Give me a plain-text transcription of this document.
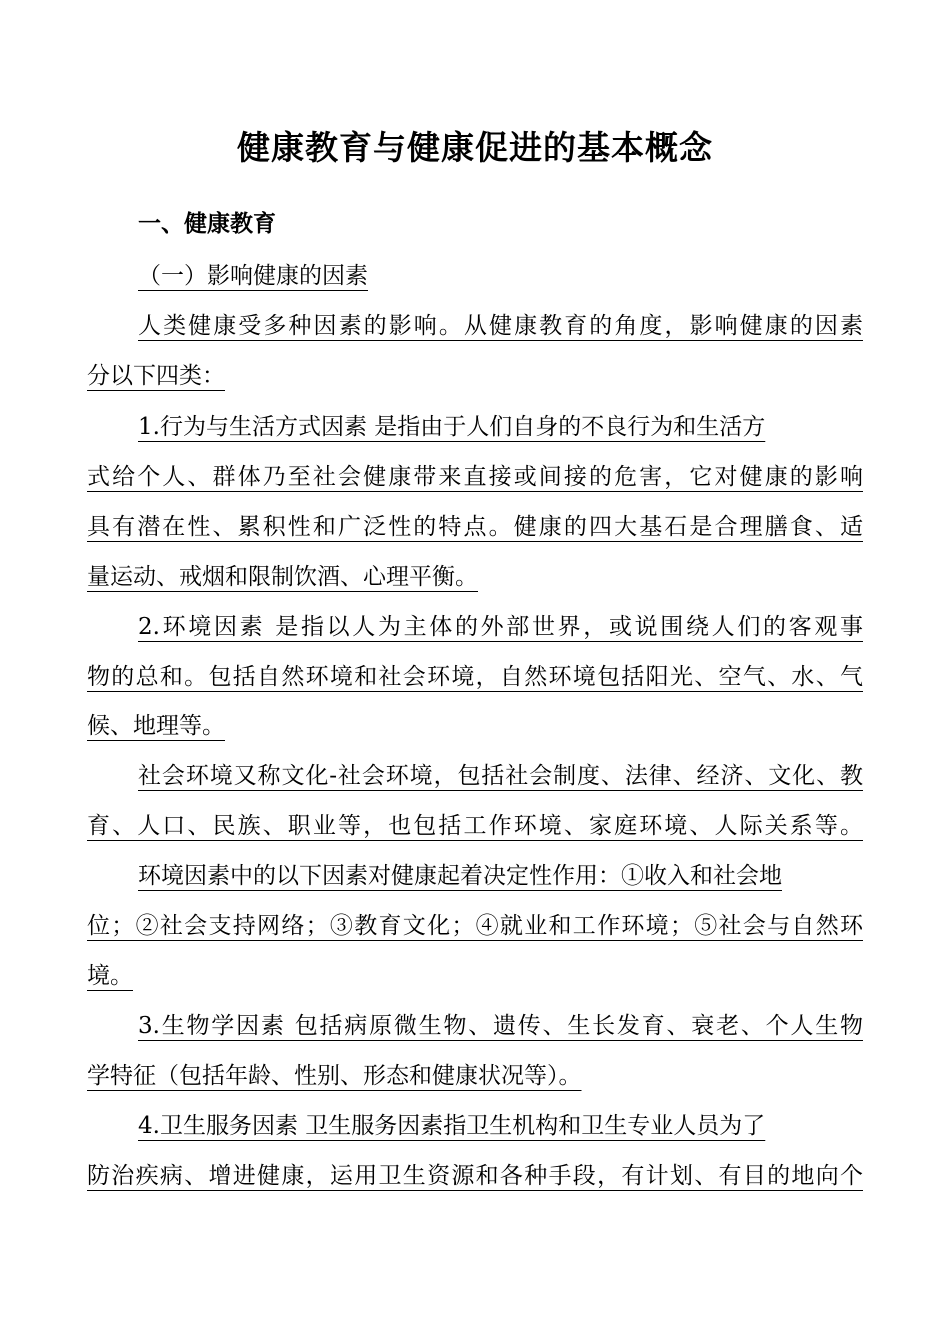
健康教育与健康促进的基本概念
一、健康教育
（一）影响健康的因素
人类健康受多种因素的影响。从健康教育的角度，影响健康的因素
分以下四类：
1.行为与生活方式因素 是指由于人们自身的不良行为和生活方
式给个人、群体乃至社会健康带来直接或间接的危害，它对健康的影响
具有潜在性、累积性和广泛性的特点。健康的四大基石是合理膳食、适
量运动、戒烟和限制饮酒、心理平衡。
2.环境因素 是指以人为主体的外部世界，或说围绕人们的客观事
物的总和。包括自然环境和社会环境，自然环境包括阳光、空气、水、气
候、地理等。
社会环境又称文化-社会环境，包括社会制度、法律、经济、文化、教
育、人口、民族、职业等，也包括工作环境、家庭环境、人际关系等。
环境因素中的以下因素对健康起着决定性作用：①收入和社会地
位；②社会支持网络；③教育文化；④就业和工作环境；⑤社会与自然环
境。
3.生物学因素 包括病原微生物、遗传、生长发育、衰老、个人生物
学特征（包括年龄、性别、形态和健康状况等）。
4.卫生服务因素 卫生服务因素指卫生机构和卫生专业人员为了
防治疾病、增进健康，运用卫生资源和各种手段，有计划、有目的地向个
